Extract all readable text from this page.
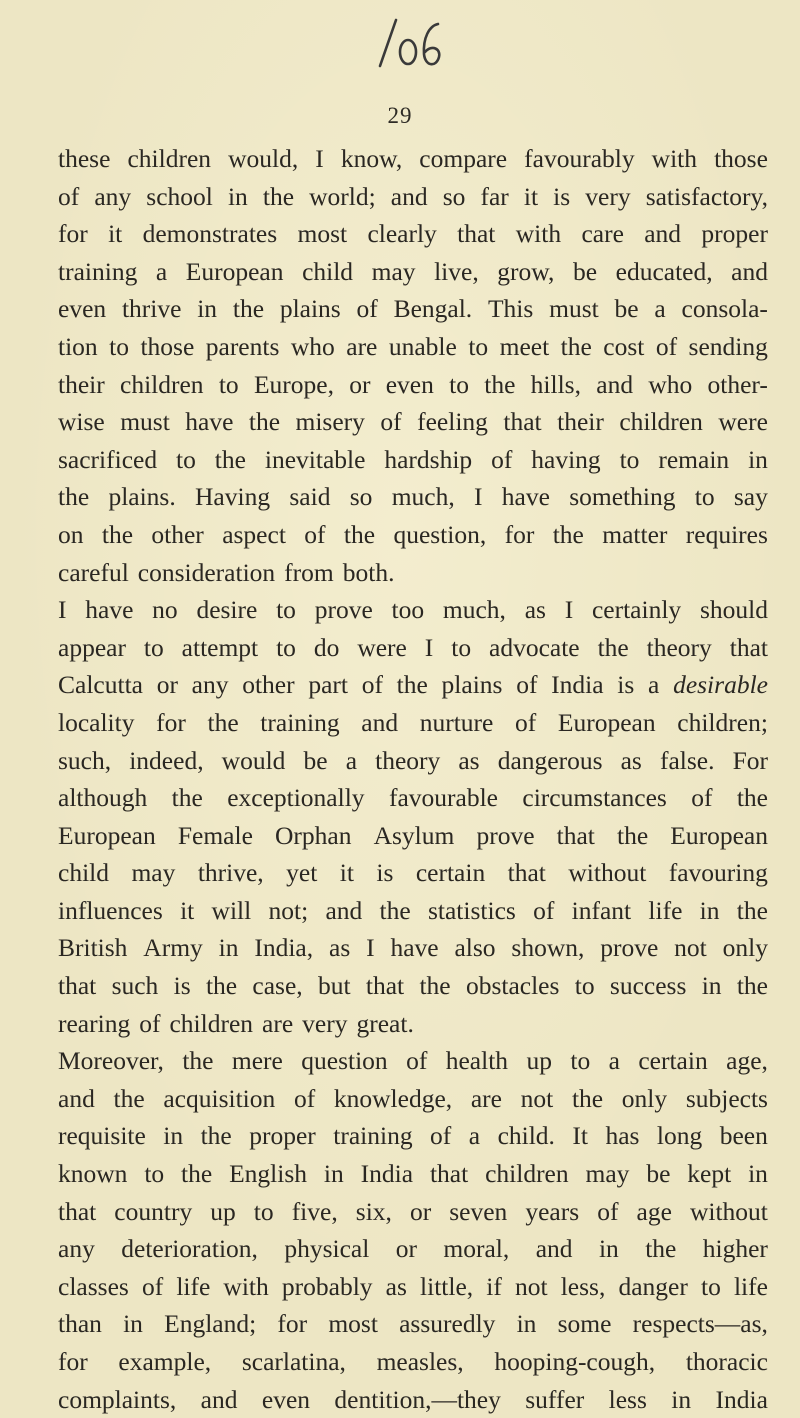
29
these children would, I know, compare favourably with those
of any school in the world; and so far it is very satisfactory,
for it demonstrates most clearly that with care and proper
training a European child may live, grow, be educated, and
even thrive in the plains of Bengal. This must be a consola-
tion to those parents who are unable to meet the cost of sending
their children to Europe, or even to the hills, and who other-
wise must have the misery of feeling that their children were
sacrificed to the inevitable hardship of having to remain in
the plains. Having said so much, I have something to say
on the other aspect of the question, for the matter requires
careful consideration from both.
I have no desire to prove too much, as I certainly should
appear to attempt to do were I to advocate the theory that
Calcutta or any other part of the plains of India is a desirable
locality for the training and nurture of European children;
such, indeed, would be a theory as dangerous as false. For
although the exceptionally favourable circumstances of the
European Female Orphan Asylum prove that the European
child may thrive, yet it is certain that without favouring
influences it will not; and the statistics of infant life in the
British Army in India, as I have also shown, prove not only
that such is the case, but that the obstacles to success in the
rearing of children are very great.
Moreover, the mere question of health up to a certain age,
and the acquisition of knowledge, are not the only subjects
requisite in the proper training of a child. It has long been
known to the English in India that children may be kept in
that country up to five, six, or seven years of age without
any deterioration, physical or moral, and in the higher
classes of life with probably as little, if not less, danger to life
than in England; for most assuredly in some respects—as,
for example, scarlatina, measles, hooping-cough, thoracic
complaints, and even dentition,—they suffer less in India
